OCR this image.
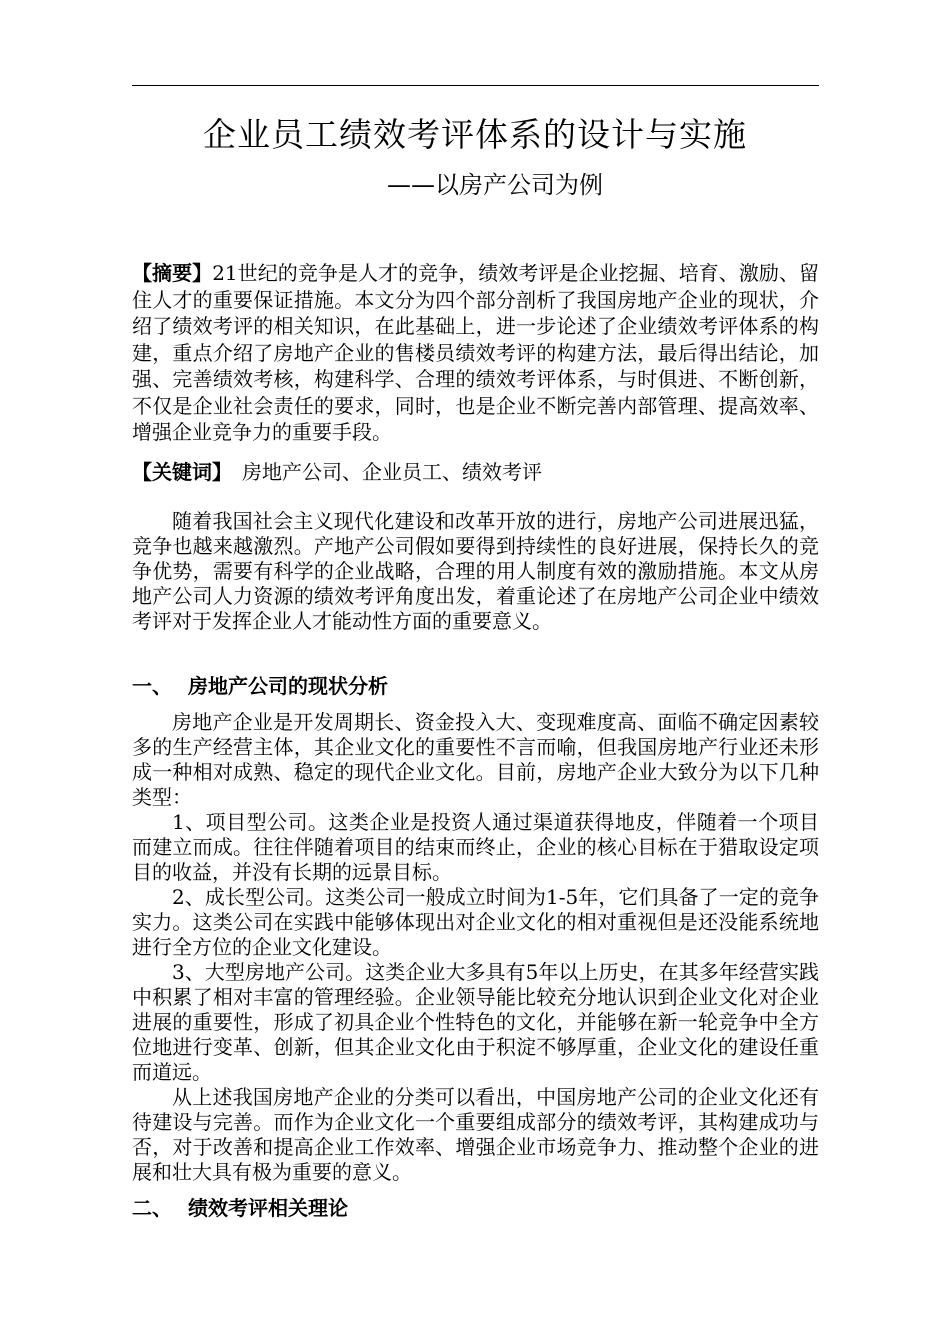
企业员工绩效考评体系的设计与实施
——以房产公司为例
【摘要】21世纪的竞争是人才的竞争，绩效考评是企业挖掘、培育、激励、留住人才的重要保证措施。本文分为四个部分剖析了我国房地产企业的现状，介绍了绩效考评的相关知识，在此基础上，进一步论述了企业绩效考评体系的构建，重点介绍了房地产企业的售楼员绩效考评的构建方法，最后得出结论，加强、完善绩效考核，构建科学、合理的绩效考评体系，与时俱进、不断创新，不仅是企业社会责任的要求，同时，也是企业不断完善内部管理、提高效率、增强企业竞争力的重要手段。
【关键词】 房地产公司、企业员工、绩效考评

随着我国社会主义现代化建设和改革开放的进行，房地产公司进展迅猛，竞争也越来越激烈。产地产公司假如要得到持续性的良好进展，保持长久的竞争优势，需要有科学的企业战略，合理的用人制度有效的激励措施。本文从房地产公司人力资源的绩效考评角度出发，着重论述了在房地产公司企业中绩效考评对于发挥企业人才能动性方面的重要意义。

一、 房地产公司的现状分析

房地产企业是开发周期长、资金投入大、变现难度高、面临不确定因素较多的生产经营主体，其企业文化的重要性不言而喻，但我国房地产行业还未形成一种相对成熟、稳定的现代企业文化。目前，房地产企业大致分为以下几种类型：

1、项目型公司。这类企业是投资人通过渠道获得地皮，伴随着一个项目而建立而成。往往伴随着项目的结束而终止，企业的核心目标在于猎取设定项目的收益，并没有长期的远景目标。

2、成长型公司。这类公司一般成立时间为1-5年，它们具备了一定的竞争实力。这类公司在实践中能够体现出对企业文化的相对重视但是还没能系统地进行全方位的企业文化建设。

3、大型房地产公司。这类企业大多具有5年以上历史，在其多年经营实践中积累了相对丰富的管理经验。企业领导能比较充分地认识到企业文化对企业进展的重要性，形成了初具企业个性特色的文化，并能够在新一轮竞争中全方位地进行变革、创新，但其企业文化由于积淀不够厚重，企业文化的建设任重而道远。

从上述我国房地产企业的分类可以看出，中国房地产公司的企业文化还有待建设与完善。而作为企业文化一个重要组成部分的绩效考评，其构建成功与否，对于改善和提高企业工作效率、增强企业市场竞争力、推动整个企业的进展和壮大具有极为重要的意义。

二、 绩效考评相关理论
